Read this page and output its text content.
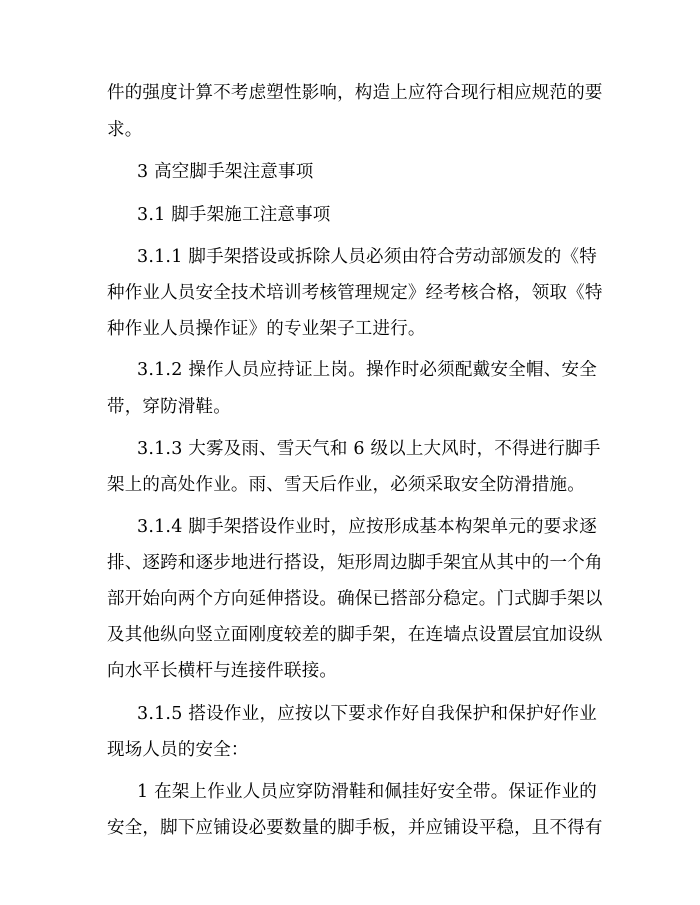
件的强度计算不考虑塑性影响，构造上应符合现行相应规范的要
求。
3 高空脚手架注意事项
3.1 脚手架施工注意事项
3.1.1 脚手架搭设或拆除人员必须由符合劳动部颁发的《特
种作业人员安全技术培训考核管理规定》经考核合格，领取《特
种作业人员操作证》的专业架子工进行。
3.1.2 操作人员应持证上岗。操作时必须配戴安全帽、安全
带，穿防滑鞋。
3.1.3 大雾及雨、雪天气和 6 级以上大风时，不得进行脚手
架上的高处作业。雨、雪天后作业，必须采取安全防滑措施。
3.1.4 脚手架搭设作业时，应按形成基本构架单元的要求逐
排、逐跨和逐步地进行搭设，矩形周边脚手架宜从其中的一个角
部开始向两个方向延伸搭设。确保已搭部分稳定。门式脚手架以
及其他纵向竖立面刚度较差的脚手架，在连墙点设置层宜加设纵
向水平长横杆与连接件联接。
3.1.5 搭设作业，应按以下要求作好自我保护和保护好作业
现场人员的安全：
1 在架上作业人员应穿防滑鞋和佩挂好安全带。保证作业的
安全，脚下应铺设必要数量的脚手板，并应铺设平稳，且不得有
